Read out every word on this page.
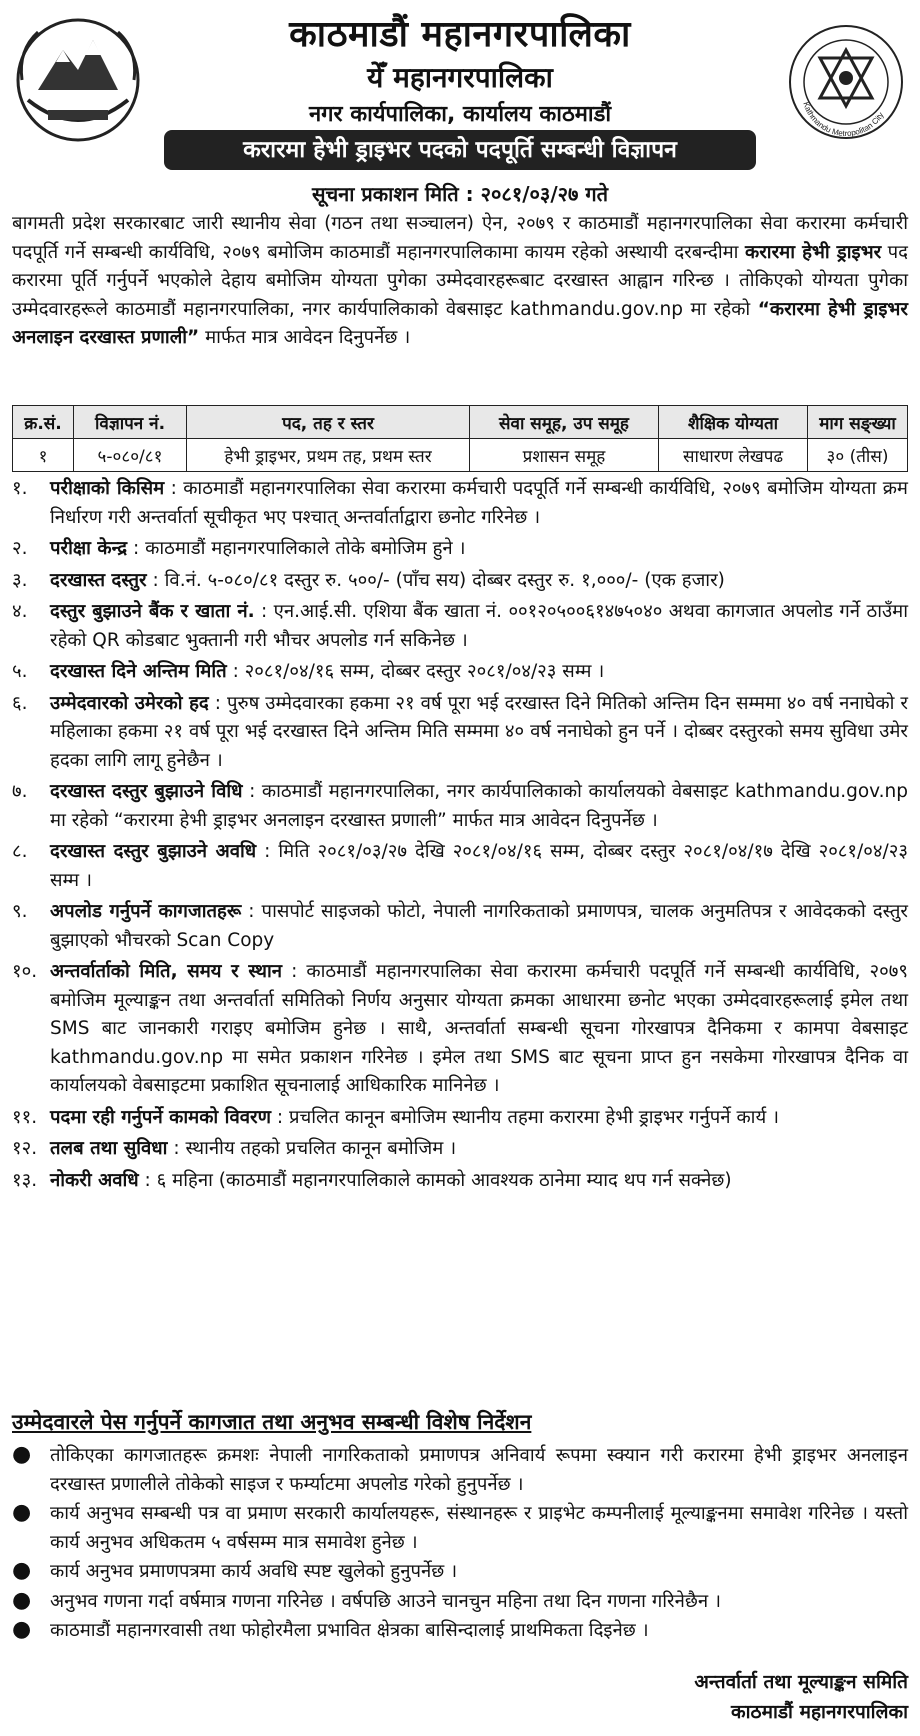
काठमाडौं महानगरपालिका
येँ महानगरपालिका
नगर कार्यपालिका, कार्यालय काठमाडौं	Kathmandu Metropolitan City
करारमा हेभी ड्राइभर पदको पदपूर्ति सम्बन्धी विज्ञापन
सूचना प्रकाशन मिति : २०८१/०३/२७ गते
बागमती प्रदेश सरकारबाट जारी स्थानीय सेवा (गठन तथा सञ्चालन) ऐन, २०७९ र काठमाडौं महानगरपालिका सेवा करारमा कर्मचारी पदपूर्ति गर्ने सम्बन्धी कार्यविधि, २०७९ बमोजिम काठमाडौं महानगरपालिकामा कायम रहेको अस्थायी दरबन्दीमा करारमा हेभी ड्राइभर पद करारमा पूर्ति गर्नुपर्ने भएकोले देहाय बमोजिम योग्यता पुगेका उम्मेदवारहरूबाट दरखास्त आह्वान गरिन्छ । तोकिएको योग्यता पुगेका उम्मेदवारहरूले काठमाडौं महानगरपालिका, नगर कार्यपालिकाको वेबसाइट kathmandu.gov.np मा रहेको “करारमा हेभी ड्राइभर अनलाइन दरखास्त प्रणाली” मार्फत मात्र आवेदन दिनुपर्नेछ ।
क्र.सं.	विज्ञापन नं.	पद, तह र स्तर	सेवा समूह, उप समूह	शैक्षिक योग्यता	माग सङ्ख्या
१	५-०८०/८१	हेभी ड्राइभर, प्रथम तह, प्रथम स्तर	प्रशासन समूह	साधारण लेखपढ	३० (तीस)
१.	परीक्षाको किसिम : काठमाडौं महानगरपालिका सेवा करारमा कर्मचारी पदपूर्ति गर्ने सम्बन्धी कार्यविधि, २०७९ बमोजिम योग्यता क्रम निर्धारण गरी अन्तर्वार्ता सूचीकृत भए पश्चात् अन्तर्वार्ताद्वारा छनोट गरिनेछ ।
२.	परीक्षा केन्द्र : काठमाडौं महानगरपालिकाले तोके बमोजिम हुने ।
३.	दरखास्त दस्तुर : वि.नं. ५-०८०/८१ दस्तुर रु. ५००/- (पाँच सय) दोब्बर दस्तुर रु. १,०००/- (एक हजार)
४.	दस्तुर बुझाउने बैंक र खाता नं. : एन.आई.सी. एशिया बैंक खाता नं. ००१२०५००६१४७५०४० अथवा कागजात अपलोड गर्ने ठाउँमा रहेको QR कोडबाट भुक्तानी गरी भौचर अपलोड गर्न सकिनेछ ।
५.	दरखास्त दिने अन्तिम मिति : २०८१/०४/१६ सम्म, दोब्बर दस्तुर २०८१/०४/२३ सम्म ।
६.	उम्मेदवारको उमेरको हद : पुरुष उम्मेदवारका हकमा २१ वर्ष पूरा भई दरखास्त दिने मितिको अन्तिम दिन सम्ममा ४० वर्ष ननाघेको र महिलाका हकमा २१ वर्ष पूरा भई दरखास्त दिने अन्तिम मिति सम्ममा ४० वर्ष ननाघेको हुन पर्ने । दोब्बर दस्तुरको समय सुविधा उमेर हदका लागि लागू हुनेछैन ।
७.	दरखास्त दस्तुर बुझाउने विधि : काठमाडौं महानगरपालिका, नगर कार्यपालिकाको कार्यालयको वेबसाइट kathmandu.gov.np मा रहेको “करारमा हेभी ड्राइभर अनलाइन दरखास्त प्रणाली” मार्फत मात्र आवेदन दिनुपर्नेछ ।
८.	दरखास्त दस्तुर बुझाउने अवधि : मिति २०८१/०३/२७ देखि २०८१/०४/१६ सम्म, दोब्बर दस्तुर २०८१/०४/१७ देखि २०८१/०४/२३ सम्म ।
९.	अपलोड गर्नुपर्ने कागजातहरू : पासपोर्ट साइजको फोटो, नेपाली नागरिकताको प्रमाणपत्र, चालक अनुमतिपत्र र आवेदकको दस्तुर बुझाएको भौचरको Scan Copy
१०. अन्तर्वार्ताको मिति, समय र स्थान : काठमाडौं महानगरपालिका सेवा करारमा कर्मचारी पदपूर्ति गर्ने सम्बन्धी कार्यविधि, २०७९ बमोजिम मूल्याङ्कन तथा अन्तर्वार्ता समितिको निर्णय अनुसार योग्यता क्रमका आधारमा छनोट भएका उम्मेदवारहरूलाई इमेल तथा SMS बाट जानकारी गराइए बमोजिम हुनेछ । साथै, अन्तर्वार्ता सम्बन्धी सूचना गोरखापत्र दैनिकमा र कामपा वेबसाइट kathmandu.gov.np मा समेत प्रकाशन गरिनेछ । इमेल तथा SMS बाट सूचना प्राप्त हुन नसकेमा गोरखापत्र दैनिक वा कार्यालयको वेबसाइटमा प्रकाशित सूचनालाई आधिकारिक मानिनेछ ।
११. पदमा रही गर्नुपर्ने कामको विवरण : प्रचलित कानून बमोजिम स्थानीय तहमा करारमा हेभी ड्राइभर गर्नुपर्ने कार्य ।
१२. तलब तथा सुविधा : स्थानीय तहको प्रचलित कानून बमोजिम ।
१३. नोकरी अवधि : ६ महिना (काठमाडौं महानगरपालिकाले कामको आवश्यक ठानेमा म्याद थप गर्न सक्नेछ)
उम्मेदवारले पेस गर्नुपर्ने कागजात तथा अनुभव सम्बन्धी विशेष निर्देशन
●	तोकिएका कागजातहरू क्रमशः नेपाली नागरिकताको प्रमाणपत्र अनिवार्य रूपमा स्क्यान गरी करारमा हेभी ड्राइभर अनलाइन दरखास्त प्रणालीले तोकेको साइज र फर्म्याटमा अपलोड गरेको हुनुपर्नेछ ।
●	कार्य अनुभव सम्बन्धी पत्र वा प्रमाण सरकारी कार्यालयहरू, संस्थानहरू र प्राइभेट कम्पनीलाई मूल्याङ्कनमा समावेश गरिनेछ । यस्तो कार्य अनुभव अधिकतम ५ वर्षसम्म मात्र समावेश हुनेछ ।
●	कार्य अनुभव प्रमाणपत्रमा कार्य अवधि स्पष्ट खुलेको हुनुपर्नेछ ।
●	अनुभव गणना गर्दा वर्षमात्र गणना गरिनेछ । वर्षपछि आउने चानचुन महिना तथा दिन गणना गरिनेछैन ।
●	काठमाडौं महानगरवासी तथा फोहोरमैला प्रभावित क्षेत्रका बासिन्दालाई प्राथमिकता दिइनेछ ।
अन्तर्वार्ता तथा मूल्याङ्कन समिति
काठमाडौं महानगरपालिका
